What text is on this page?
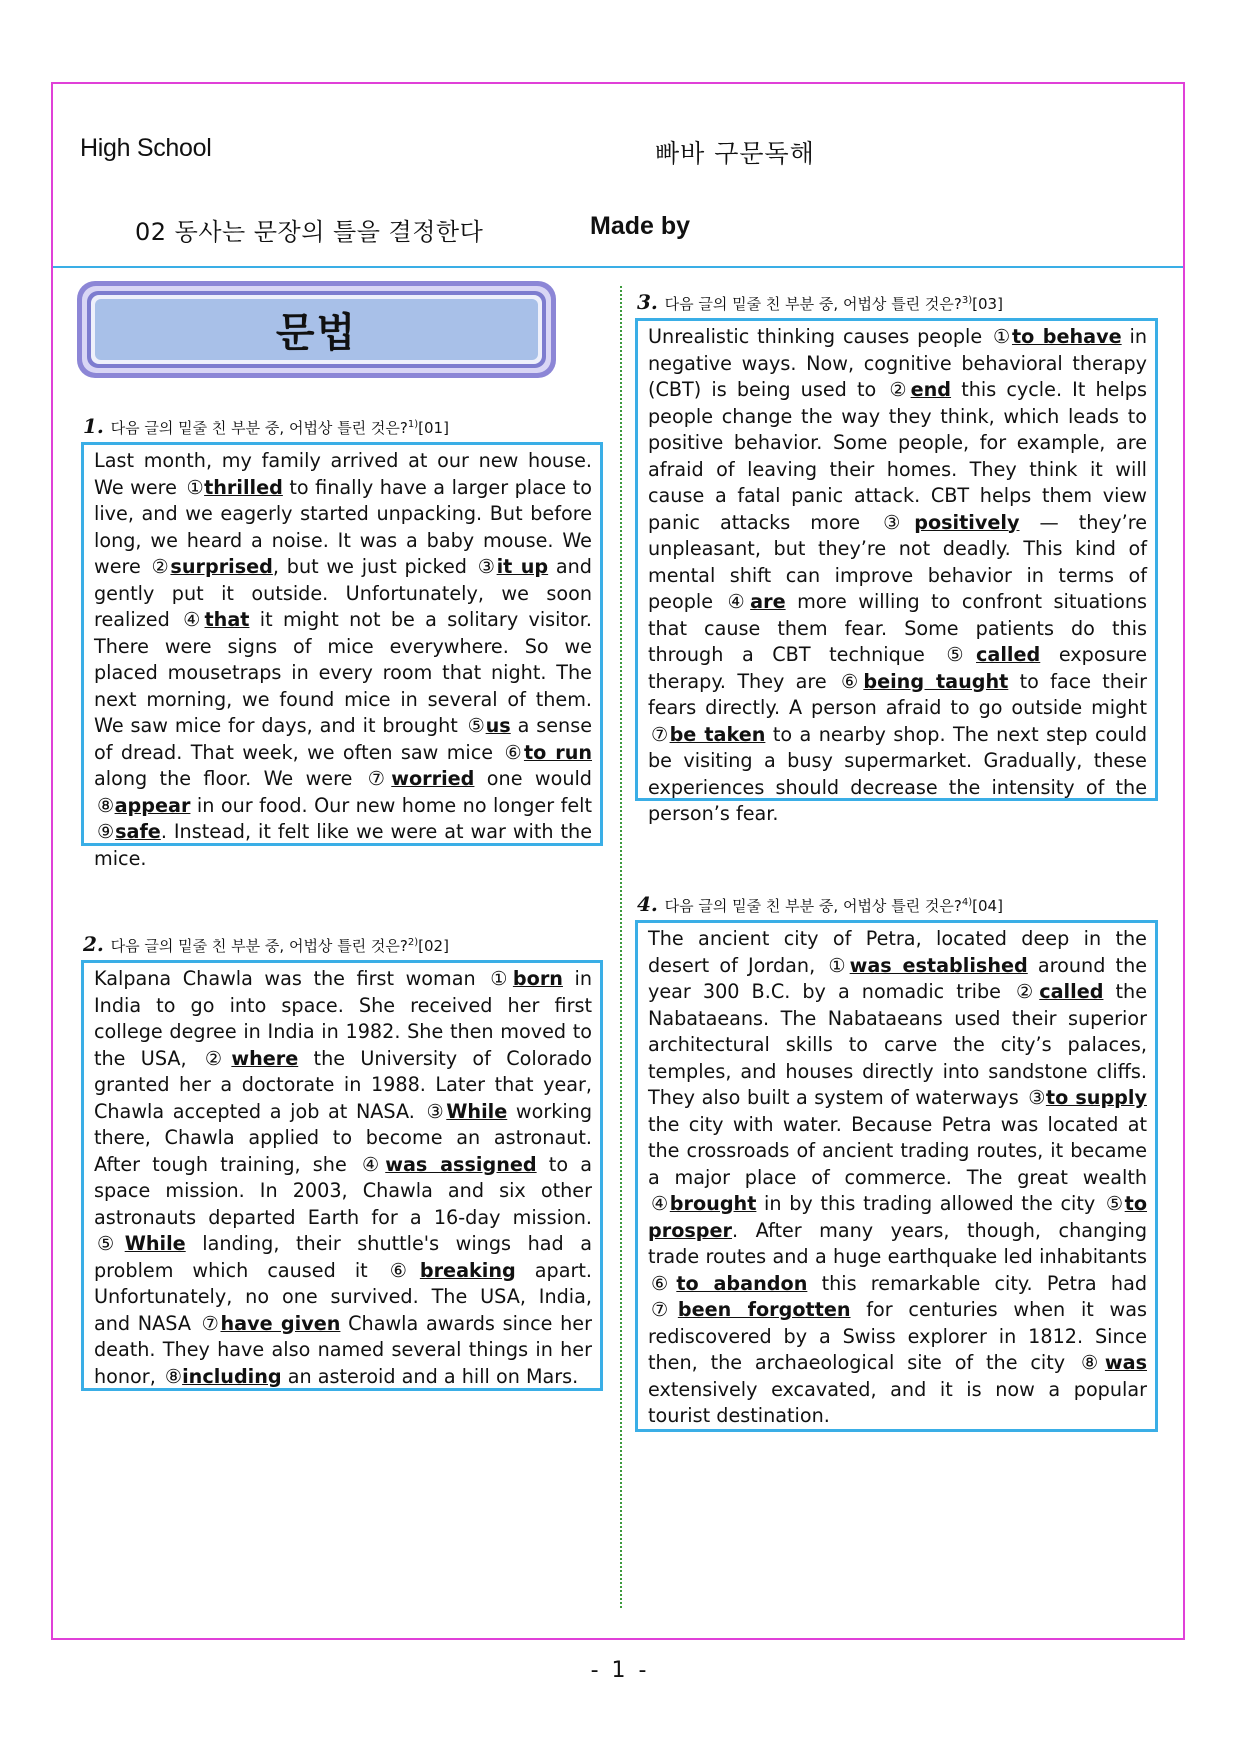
High School	빠바 구문독해
02 동사는 문장의 틀을 결정한다	Made by
문법
1. 다음 글의 밑줄 친 부분 중, 어법상 틀린 것은?$^{1)}$[01]
Last month, my family arrived at our new house. We were ①thrilled to finally have a larger place to live, and we eagerly started unpacking. But before long, we heard a noise. It was a baby mouse. We were ②surprised, but we just picked ③it up and gently put it outside. Unfortunately, we soon realized ④that it might not be a solitary visitor. There were signs of mice everywhere. So we placed mousetraps in every room that night. The next morning, we found mice in several of them. We saw mice for days, and it brought ⑤us a sense of dread. That week, we often saw mice ⑥to run along the floor. We were ⑦worried one would ⑧appear in our food. Our new home no longer felt ⑨safe. Instead, it felt like we were at war with the mice.
2. 다음 글의 밑줄 친 부분 중, 어법상 틀린 것은?$^{2)}$[02]
Kalpana Chawla was the first woman ①born in India to go into space. She received her first college degree in India in 1982. She then moved to the USA, ②where the University of Colorado granted her a doctorate in 1988. Later that year, Chawla accepted a job at NASA. ③While working there, Chawla applied to become an astronaut. After tough training, she ④was assigned to a space mission. In 2003, Chawla and six other astronauts departed Earth for a 16-day mission. ⑤While landing, their shuttle's wings had a problem which caused it ⑥breaking apart. Unfortunately, no one survived. The USA, India, and NASA ⑦have given Chawla awards since her death. They have also named several things in her honor, ⑧including an asteroid and a hill on Mars.
3. 다음 글의 밑줄 친 부분 중, 어법상 틀린 것은?$^{3)}$[03]
Unrealistic thinking causes people ①to behave in negative ways. Now, cognitive behavioral therapy (CBT) is being used to ②end this cycle. It helps people change the way they think, which leads to positive behavior. Some people, for example, are afraid of leaving their homes. They think it will cause a fatal panic attack. CBT helps them view panic attacks more ③positively — they’re unpleasant, but they’re not deadly. This kind of mental shift can improve behavior in terms of people ④are more willing to confront situations that cause them fear. Some patients do this through a CBT technique ⑤called exposure therapy. They are ⑥being taught to face their fears directly. A person afraid to go outside might ⑦be taken to a nearby shop. The next step could be visiting a busy supermarket. Gradually, these experiences should decrease the intensity of the person’s fear.
4. 다음 글의 밑줄 친 부분 중, 어법상 틀린 것은?$^{4)}$[04]
The ancient city of Petra, located deep in the desert of Jordan, ①was established around the year 300 B.C. by a nomadic tribe ②called the Nabataeans. The Nabataeans used their superior architectural skills to carve the city’s palaces, temples, and houses directly into sandstone cliffs. They also built a system of waterways ③to supply the city with water. Because Petra was located at the crossroads of ancient trading routes, it became a major place of commerce. The great wealth ④brought in by this trading allowed the city ⑤to prosper. After many years, though, changing trade routes and a huge earthquake led inhabitants ⑥to abandon this remarkable city. Petra had ⑦been forgotten for centuries when it was rediscovered by a Swiss explorer in 1812. Since then, the archaeological site of the city ⑧was extensively excavated, and it is now a popular tourist destination.
- 1 -
